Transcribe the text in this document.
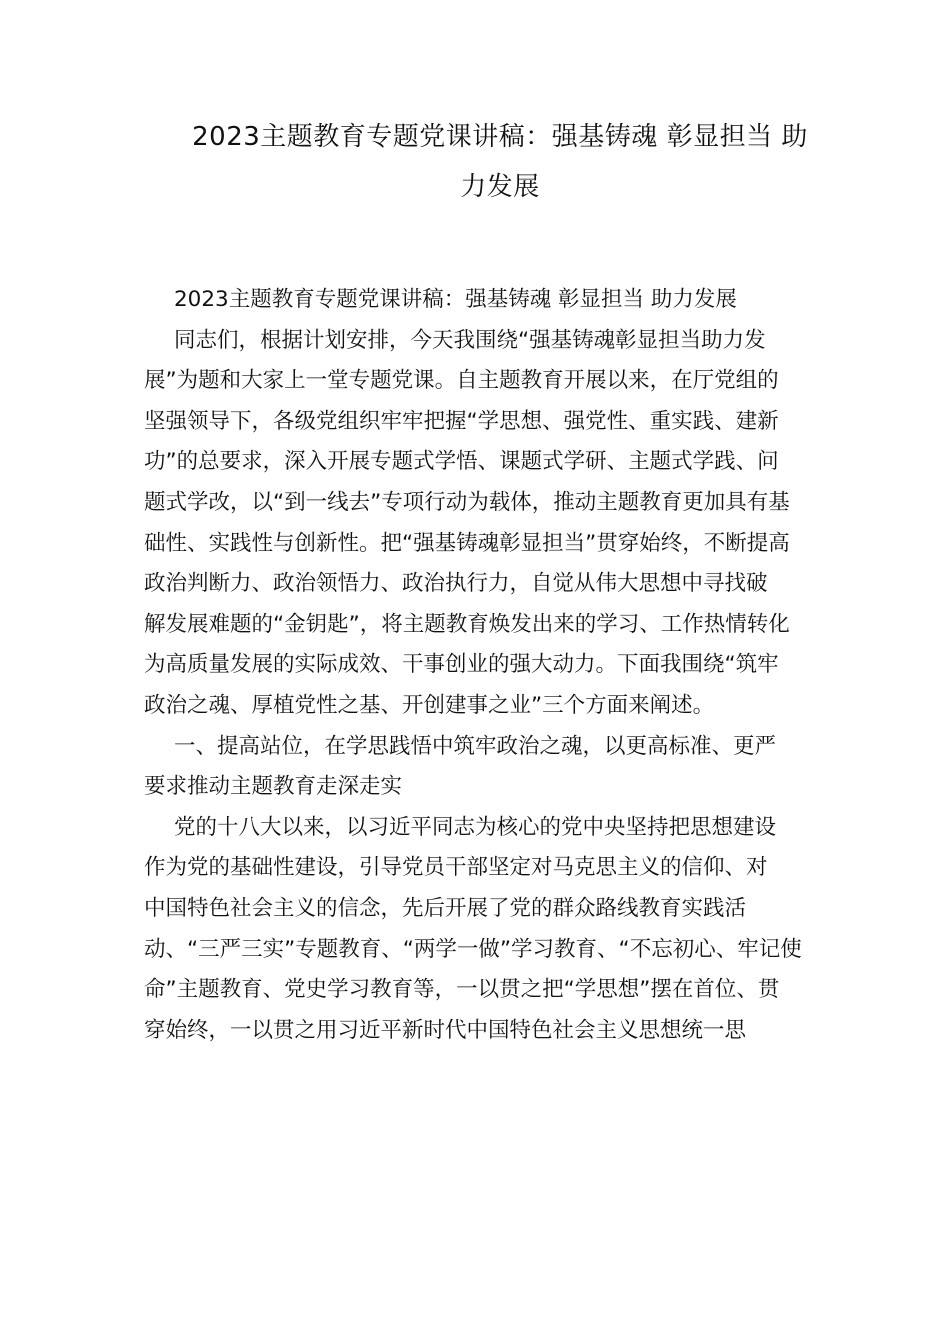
2023主题教育专题党课讲稿：强基铸魂 彰显担当 助
力发展

2023主题教育专题党课讲稿：强基铸魂 彰显担当 助力发展

同志们，根据计划安排，今天我围绕“强基铸魂彰显担当助力发
展”为题和大家上一堂专题党课。自主题教育开展以来，在厅党组的
坚强领导下，各级党组织牢牢把握“学思想、强党性、重实践、建新
功”的总要求，深入开展专题式学悟、课题式学研、主题式学践、问
题式学改，以“到一线去”专项行动为载体，推动主题教育更加具有基
础性、实践性与创新性。把“强基铸魂彰显担当”贯穿始终，不断提高
政治判断力、政治领悟力、政治执行力，自觉从伟大思想中寻找破
解发展难题的“金钥匙”，将主题教育焕发出来的学习、工作热情转化
为高质量发展的实际成效、干事创业的强大动力。下面我围绕“筑牢
政治之魂、厚植党性之基、开创建事之业”三个方面来阐述。

一、提高站位，在学思践悟中筑牢政治之魂，以更高标准、更严
要求推动主题教育走深走实

党的十八大以来，以习近平同志为核心的党中央坚持把思想建设
作为党的基础性建设，引导党员干部坚定对马克思主义的信仰、对
中国特色社会主义的信念，先后开展了党的群众路线教育实践活
动、“三严三实”专题教育、“两学一做”学习教育、“不忘初心、牢记使
命”主题教育、党史学习教育等，一以贯之把“学思想”摆在首位、贯
穿始终，一以贯之用习近平新时代中国特色社会主义思想统一思
